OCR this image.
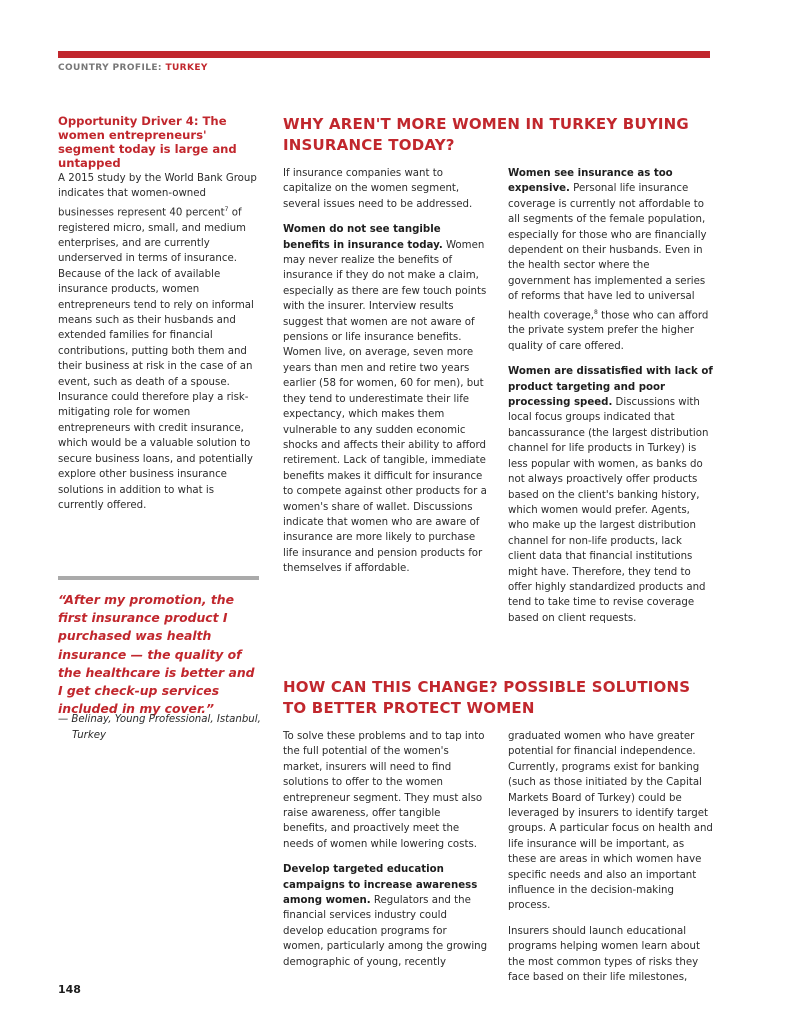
COUNTRY PROFILE: TURKEY
Opportunity Driver 4: The women entrepreneurs' segment today is large and untapped

A 2015 study by the World Bank Group indicates that women-owned businesses represent 40 percent$^7$ of registered micro, small, and medium enterprises, and are currently underserved in terms of insurance. Because of the lack of available insurance products, women entrepreneurs tend to rely on informal means such as their husbands and extended families for financial contributions, putting both them and their business at risk in the case of an event, such as death of a spouse. Insurance could therefore play a risk-mitigating role for women entrepreneurs with credit insurance, which would be a valuable solution to secure business loans, and potentially explore other business insurance solutions in addition to what is currently offered.

“After my promotion, the first insurance product I purchased was health insurance — the quality of the healthcare is better and I get check-up services included in my cover.”
— Belinay, Young Professional, Istanbul,
Turkey
WHY AREN'T MORE WOMEN IN TURKEY BUYING INSURANCE TODAY?

If insurance companies want to capitalize on the women segment, several issues need to be addressed.

Women do not see tangible benefits in insurance today. Women may never realize the benefits of insurance if they do not make a claim, especially as there are few touch points with the insurer. Interview results suggest that women are not aware of pensions or life insurance benefits. Women live, on average, seven more years than men and retire two years earlier (58 for women, 60 for men), but they tend to underestimate their life expectancy, which makes them vulnerable to any sudden economic shocks and affects their ability to afford retirement. Lack of tangible, immediate benefits makes it difficult for insurance to compete against other products for a women's share of wallet. Discussions indicate that women who are aware of insurance are more likely to purchase life insurance and pension products for themselves if affordable.

Women see insurance as too expensive. Personal life insurance coverage is currently not affordable to all segments of the female population, especially for those who are financially dependent on their husbands. Even in the health sector where the government has implemented a series of reforms that have led to universal health coverage,$^8$ those who can afford the private system prefer the higher quality of care offered.

Women are dissatisfied with lack of product targeting and poor processing speed. Discussions with local focus groups indicated that bancassurance (the largest distribution channel for life products in Turkey) is less popular with women, as banks do not always proactively offer products based on the client's banking history, which women would prefer. Agents, who make up the largest distribution channel for non-life products, lack client data that financial institutions might have. Therefore, they tend to offer highly standardized products and tend to take time to revise coverage based on client requests.

HOW CAN THIS CHANGE? POSSIBLE SOLUTIONS TO BETTER PROTECT WOMEN

To solve these problems and to tap into the full potential of the women's market, insurers will need to find solutions to offer to the women entrepreneur segment. They must also raise awareness, offer tangible benefits, and proactively meet the needs of women while lowering costs.

Develop targeted education campaigns to increase awareness among women. Regulators and the financial services industry could develop education programs for women, particularly among the growing demographic of young, recently

graduated women who have greater potential for financial independence. Currently, programs exist for banking (such as those initiated by the Capital Markets Board of Turkey) could be leveraged by insurers to identify target groups. A particular focus on health and life insurance will be important, as these are areas in which women have specific needs and also an important influence in the decision-making process.

Insurers should launch educational programs helping women learn about the most common types of risks they face based on their life milestones,

148
